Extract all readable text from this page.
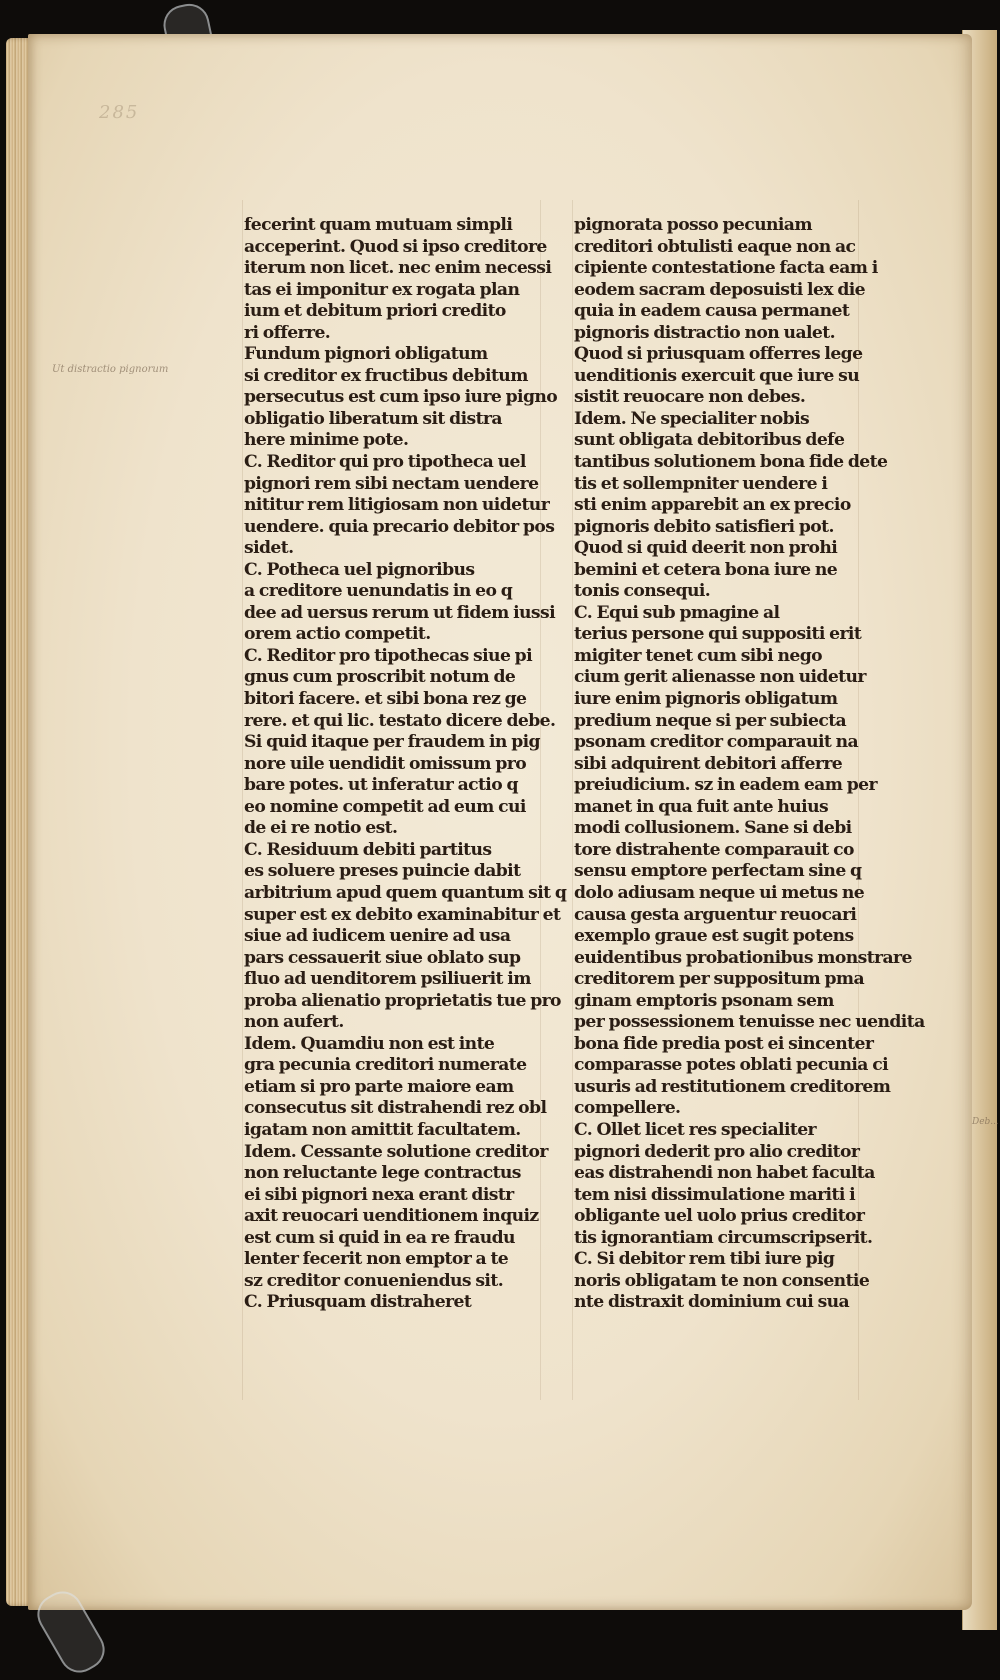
285
Ut distractio pignorum
Deb...
fecerint quam mutuam simpli
acceperint. Quod si ipso creditore
iterum non licet. nec enim necessi
tas ei imponitur ex rogata plan
ium et debitum priori credito
ri offerre.
Fundum pignori obligatum
si creditor ex fructibus debitum
persecutus est cum ipso iure pigno
obligatio liberatum sit distra
here minime pote.
C. Reditor qui pro tipotheca uel
pignori rem sibi nectam uendere
nititur rem litigiosam non uidetur
uendere. quia precario debitor pos
sidet.
C. Potheca uel pignoribus
a creditore uenundatis in eo q
dee ad uersus rerum ut fidem iussi
orem actio competit.
C. Reditor pro tipothecas siue pi
gnus cum proscribit notum de
bitori facere. et sibi bona rez ge
rere. et qui lic. testato dicere debe.
Si quid itaque per fraudem in pig
nore uile uendidit omissum pro
bare potes. ut inferatur actio q
eo nomine competit ad eum cui
de ei re notio est.
C. Residuum debiti partitus
es soluere preses puincie dabit
arbitrium apud quem quantum sit q
super est ex debito examinabitur et
siue ad iudicem uenire ad usa
pars cessauerit siue oblato sup
fluo ad uenditorem psiliuerit im
proba alienatio proprietatis tue pro
non aufert.
Idem. Quamdiu non est inte
gra pecunia creditori numerate
etiam si pro parte maiore eam
consecutus sit distrahendi rez obl
igatam non amittit facultatem.
Idem. Cessante solutione creditor
non reluctante lege contractus
ei sibi pignori nexa erant distr
axit reuocari uenditionem inquiz
est cum si quid in ea re fraudu
lenter fecerit non emptor a te
sz creditor conueniendus sit.
C. Priusquam distraheret
pignorata posso pecuniam
creditori obtulisti eaque non ac
cipiente contestatione facta eam i
eodem sacram deposuisti lex die
quia in eadem causa permanet
pignoris distractio non ualet.
Quod si priusquam offerres lege
uenditionis exercuit que iure su
sistit reuocare non debes.
Idem. Ne specialiter nobis
sunt obligata debitoribus defe
tantibus solutionem bona fide dete
tis et sollempniter uendere i
sti enim apparebit an ex precio
pignoris debito satisfieri pot.
Quod si quid deerit non prohi
bemini et cetera bona iure ne
tonis consequi.
C. Equi sub pmagine al
terius persone qui suppositi erit
migiter tenet cum sibi nego
cium gerit alienasse non uidetur
iure enim pignoris obligatum
predium neque si per subiecta
psonam creditor comparauit na
sibi adquirent debitori afferre
preiudicium. sz in eadem eam per
manet in qua fuit ante huius
modi collusionem. Sane si debi
tore distrahente comparauit co
sensu emptore perfectam sine q
dolo adiusam neque ui metus ne
causa gesta arguentur reuocari
exemplo graue est sugit potens
euidentibus probationibus monstrare
creditorem per suppositum pma
ginam emptoris psonam sem
per possessionem tenuisse nec uendita
bona fide predia post ei sincenter
comparasse potes oblati pecunia ci
usuris ad restitutionem creditorem
compellere.
C. Ollet licet res specialiter
pignori dederit pro alio creditor
eas distrahendi non habet faculta
tem nisi dissimulatione mariti i
obligante uel uolo prius creditor
tis ignorantiam circumscripserit.
C. Si debitor rem tibi iure pig
noris obligatam te non consentie
nte distraxit dominium cui sua
